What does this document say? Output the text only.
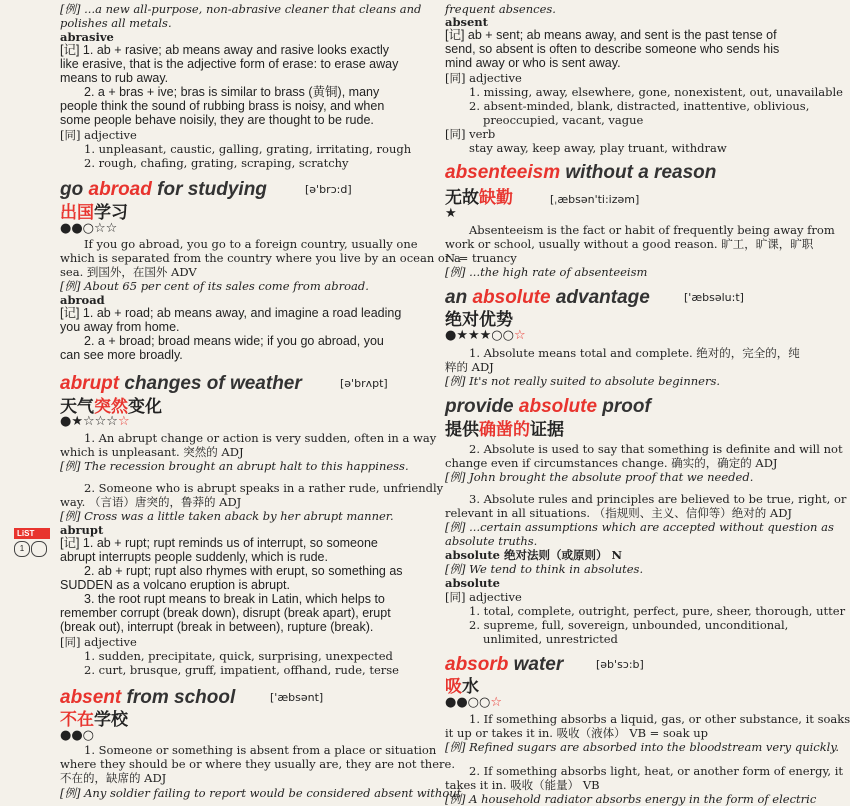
LiST
1
[例] ...a new all-purpose, non-abrasive cleaner that cleans and
polishes all metals.
abrasive
[记] 1. ab + rasive; ab means away and rasive looks exactly
like erasive, that is the adjective form of erase: to erase away
means to rub away.
2. a + bras + ive; bras is similar to brass (黄铜), many
people think the sound of rubbing brass is noisy, and when
some people behave noisily, they are thought to be rude.
[同] adjective
1. unpleasant, caustic, galling, grating, irritating, rough
2. rough, chafing, grating, scraping, scratchy
If you go abroad, you go to a foreign country, usually one
which is separated from the country where you live by an ocean or a
sea. 到国外，在国外 ADV
[例] About 65 per cent of its sales come from abroad.
abroad
[记] 1. ab + road; ab means away, and imagine a road leading
you away from home.
2. a + broad; broad means wide; if you go abroad, you
can see more broadly.
1. An abrupt change or action is very sudden, often in a way
which is unpleasant. 突然的 ADJ
[例] The recession brought an abrupt halt to this happiness.
2. Someone who is abrupt speaks in a rather rude, unfriendly
way. （言语）唐突的，鲁莽的 ADJ
[例] Cross was a little taken aback by her abrupt manner.
abrupt
[记] 1. ab + rupt; rupt reminds us of interrupt, so someone
abrupt interrupts people suddenly, which is rude.
2. ab + rupt; rupt also rhymes with erupt, so something as
SUDDEN as a volcano eruption is abrupt.
3. the root rupt means to break in Latin, which helps to
remember corrupt (break down), disrupt (break apart), erupt
(break out), interrupt (break in between), rupture (break).
[同] adjective
1. sudden, precipitate, quick, surprising, unexpected
2. curt, brusque, gruff, impatient, offhand, rude, terse
1. Someone or something is absent from a place or situation
where they should be or where they usually are, they are not there.
不在的，缺席的 ADJ
[例] Any soldier failing to report would be considered absent without
go abroad for studying	[ə'brɔ:d]
出国学习
●●○☆☆
abrupt changes of weather	[ə'brʌpt]
天气突然变化
●★☆☆☆☆
absent from school	['æbsənt]
不在学校
●●○
frequent absences.
absent
[记] ab + sent; ab means away, and sent is the past tense of
send, so absent is often to describe someone who sends his
mind away or who is sent away.
[同] adjective
1. missing, away, elsewhere, gone, nonexistent, out, unavailable
2. absent-minded, blank, distracted, inattentive, oblivious,
preoccupied, vacant, vague
[同] verb
stay away, keep away, play truant, withdraw
Absenteeism is the fact or habit of frequently being away from
work or school, usually without a good reason. 旷工，旷课，旷职
N = truancy
[例] ...the high rate of absenteeism
1. Absolute means total and complete. 绝对的，完全的，纯
粹的 ADJ
[例] It's not really suited to absolute beginners.
2. Absolute is used to say that something is definite and will not
change even if circumstances change. 确实的，确定的 ADJ
[例] John brought the absolute proof that we needed.
3. Absolute rules and principles are believed to be true, right, or
relevant in all situations. （指规则、主义、信仰等）绝对的 ADJ
[例] ...certain assumptions which are accepted without question as
absolute truths.
absolute 绝对法则（或原则） N
[例] We tend to think in absolutes.
absolute
[同] adjective
1. total, complete, outright, perfect, pure, sheer, thorough, utter
2. supreme, full, sovereign, unbounded, unconditional,
unlimited, unrestricted
1. If something absorbs a liquid, gas, or other substance, it soaks
it up or takes it in. 吸收（液体） VB = soak up
[例] Refined sugars are absorbed into the bloodstream very quickly.
2. If something absorbs light, heat, or another form of energy, it
takes it in. 吸收（能量） VB
[例] A household radiator absorbs energy in the form of electric
absenteeism without a reason
无故缺勤	[ˌæbsən'ti:izəm]
★
an absolute advantage	['æbsəlu:t]
绝对优势
●★★★○○☆
provide absolute proof
提供确凿的证据
absorb water	[əb'sɔ:b]
吸水
●●○○☆
